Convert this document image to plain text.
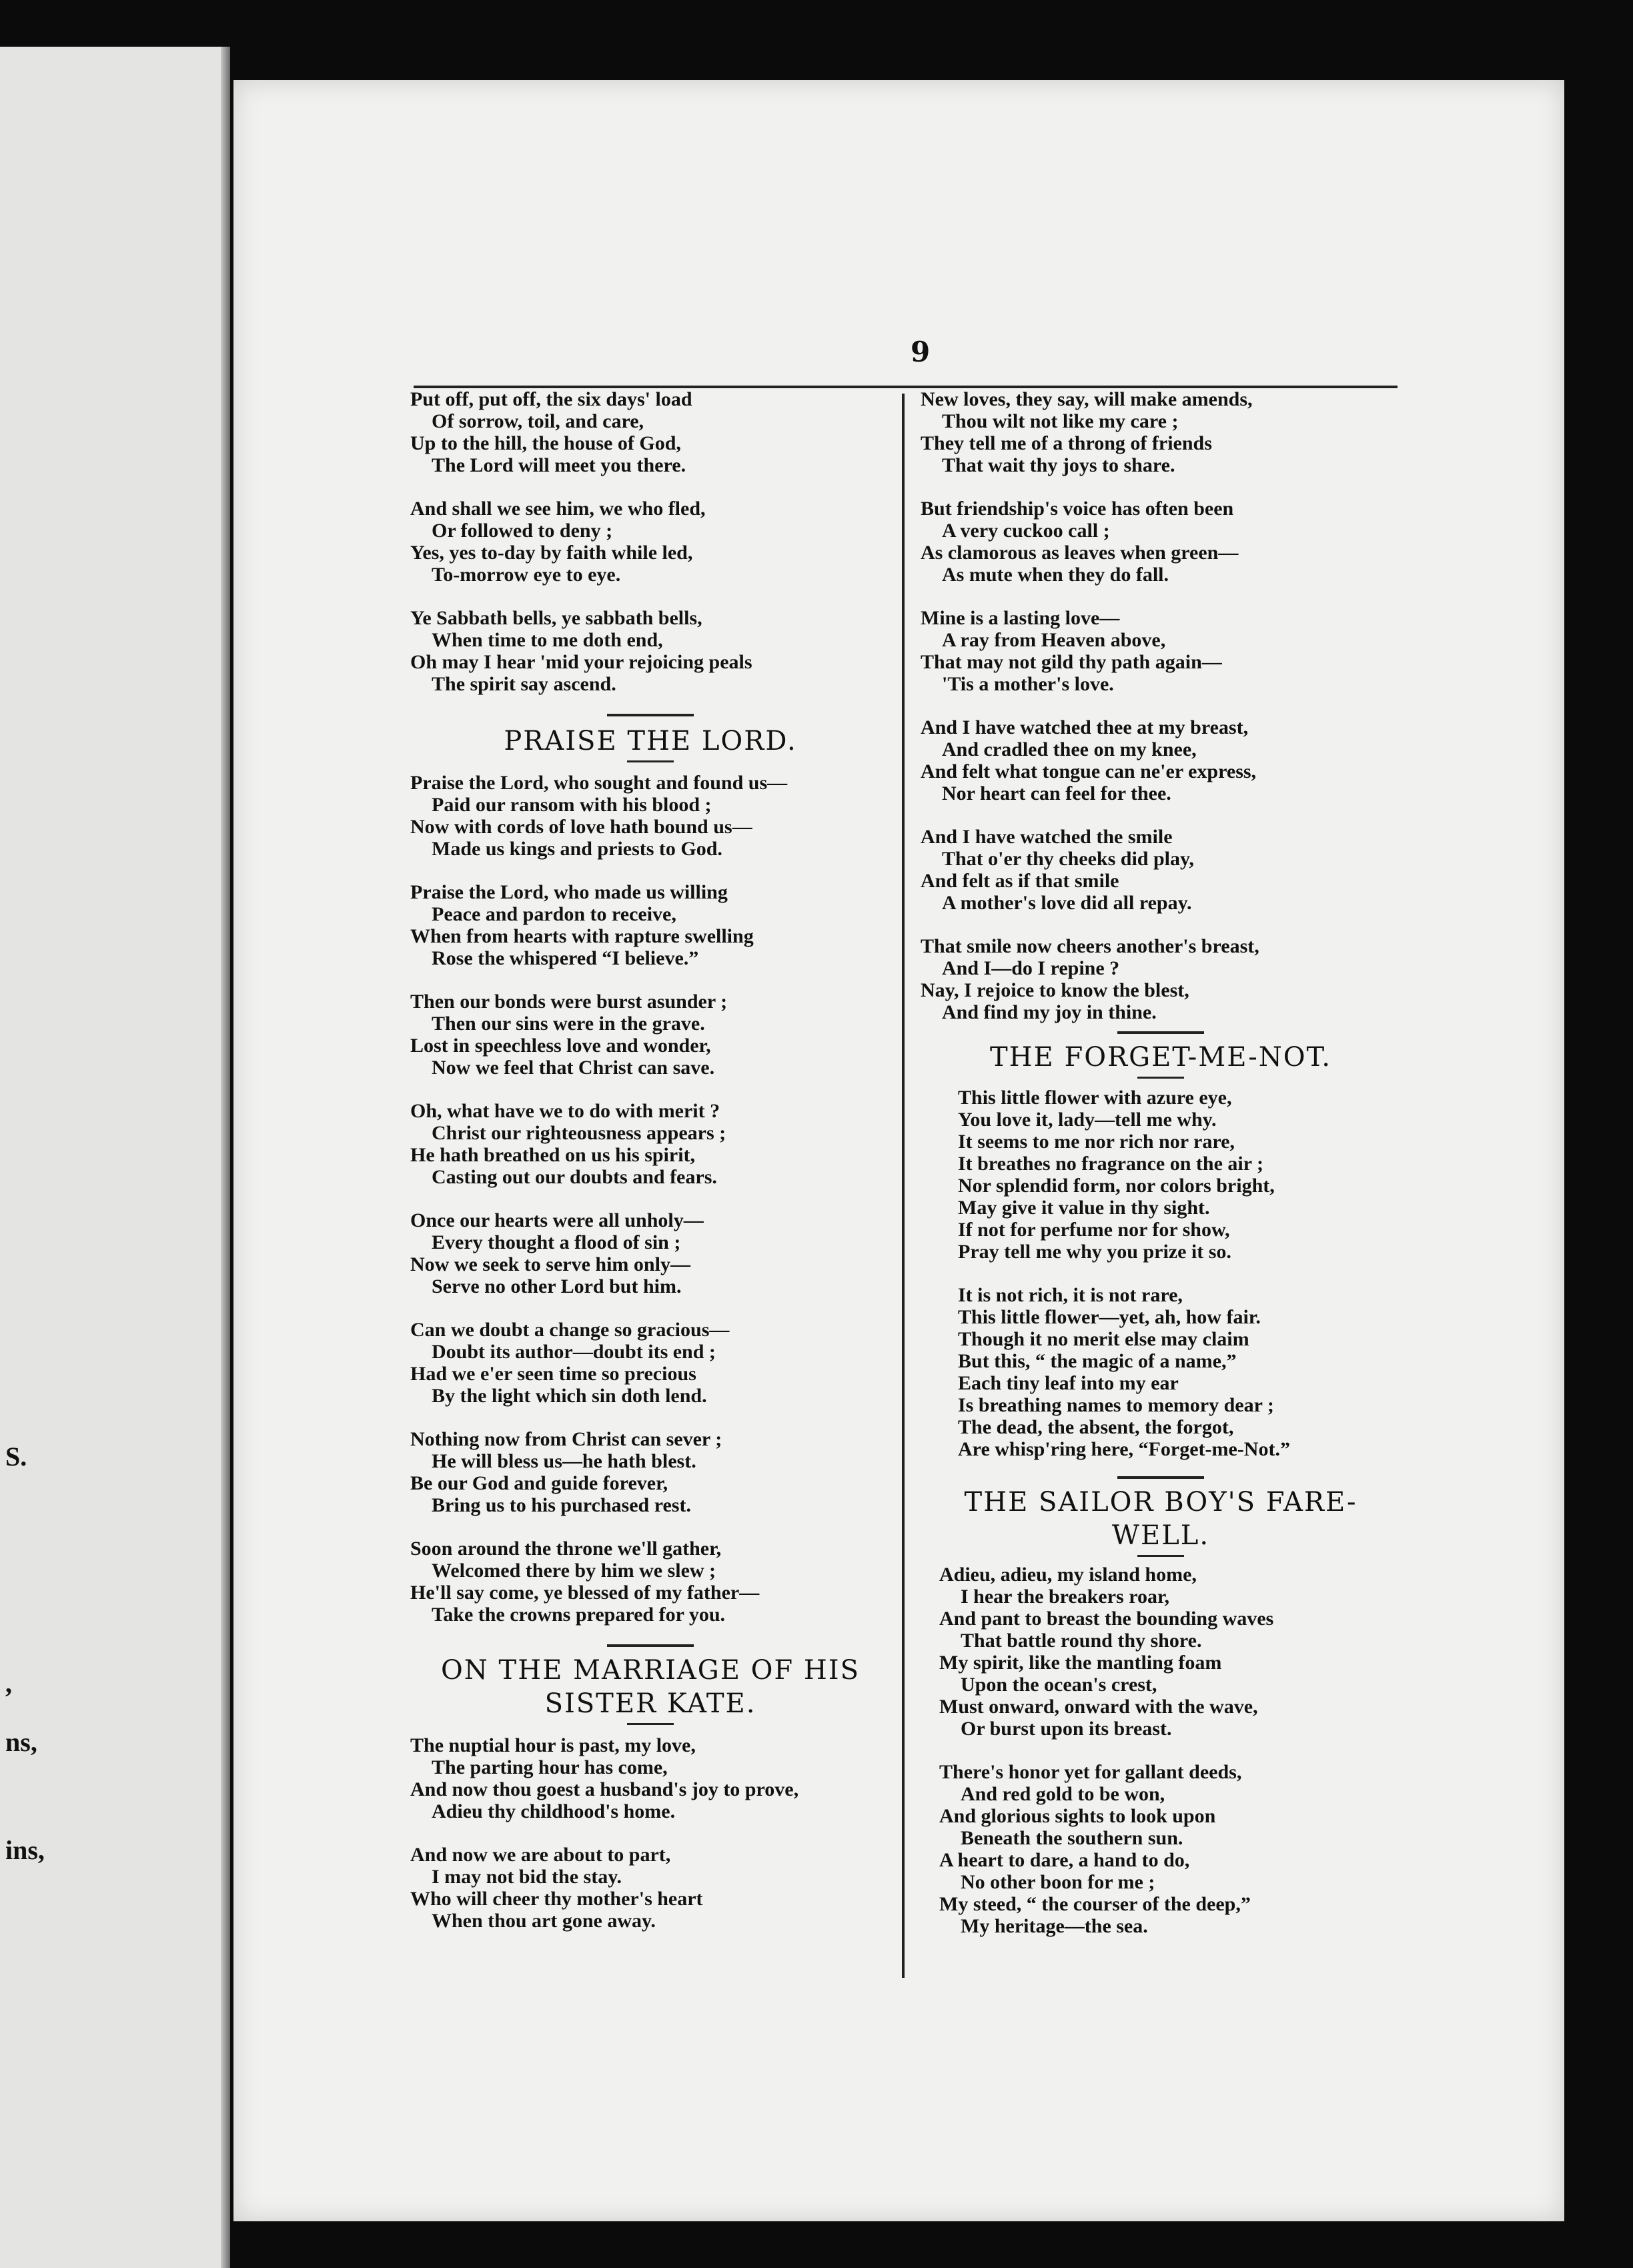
S.
,
ns,
ins,
9
Put off, put off, the six days' load
Of sorrow, toil, and care,
Up to the hill, the house of God,
The Lord will meet you there.
And shall we see him, we who fled,
Or followed to deny ;
Yes, yes to-day by faith while led,
To-morrow eye to eye.
Ye Sabbath bells, ye sabbath bells,
When time to me doth end,
Oh may I hear 'mid your rejoicing peals
The spirit say ascend.
PRAISE THE LORD.
Praise the Lord, who sought and found us—
Paid our ransom with his blood ;
Now with cords of love hath bound us—
Made us kings and priests to God.
Praise the Lord, who made us willing
Peace and pardon to receive,
When from hearts with rapture swelling
Rose the whispered “I believe.”
Then our bonds were burst asunder ;
Then our sins were in the grave.
Lost in speechless love and wonder,
Now we feel that Christ can save.
Oh, what have we to do with merit ?
Christ our righteousness appears ;
He hath breathed on us his spirit,
Casting out our doubts and fears.
Once our hearts were all unholy—
Every thought a flood of sin ;
Now we seek to serve him only—
Serve no other Lord but him.
Can we doubt a change so gracious—
Doubt its author—doubt its end ;
Had we e'er seen time so precious
By the light which sin doth lend.
Nothing now from Christ can sever ;
He will bless us—he hath blest.
Be our God and guide forever,
Bring us to his purchased rest.
Soon around the throne we'll gather,
Welcomed there by him we slew ;
He'll say come, ye blessed of my father—
Take the crowns prepared for you.
ON THE MARRIAGE OF HIS
SISTER KATE.
The nuptial hour is past, my love,
The parting hour has come,
And now thou goest a husband's joy to prove,
Adieu thy childhood's home.
And now we are about to part,
I may not bid the stay.
Who will cheer thy mother's heart
When thou art gone away.
New loves, they say, will make amends,
Thou wilt not like my care ;
They tell me of a throng of friends
That wait thy joys to share.
But friendship's voice has often been
A very cuckoo call ;
As clamorous as leaves when green—
As mute when they do fall.
Mine is a lasting love—
A ray from Heaven above,
That may not gild thy path again—
'Tis a mother's love.
And I have watched thee at my breast,
And cradled thee on my knee,
And felt what tongue can ne'er express,
Nor heart can feel for thee.
And I have watched the smile
That o'er thy cheeks did play,
And felt as if that smile
A mother's love did all repay.
That smile now cheers another's breast,
And I—do I repine ?
Nay, I rejoice to know the blest,
And find my joy in thine.
THE FORGET-ME-NOT.
This little flower with azure eye,
You love it, lady—tell me why.
It seems to me nor rich nor rare,
It breathes no fragrance on the air ;
Nor splendid form, nor colors bright,
May give it value in thy sight.
If not for perfume nor for show,
Pray tell me why you prize it so.
It is not rich, it is not rare,
This little flower—yet, ah, how fair.
Though it no merit else may claim
But this, “ the magic of a name,”
Each tiny leaf into my ear
Is breathing names to memory dear ;
The dead, the absent, the forgot,
Are whisp'ring here, “Forget-me-Not.”
THE SAILOR BOY'S FARE-
WELL.
Adieu, adieu, my island home,
I hear the breakers roar,
And pant to breast the bounding waves
That battle round thy shore.
My spirit, like the mantling foam
Upon the ocean's crest,
Must onward, onward with the wave,
Or burst upon its breast.
There's honor yet for gallant deeds,
And red gold to be won,
And glorious sights to look upon
Beneath the southern sun.
A heart to dare, a hand to do,
No other boon for me ;
My steed, “ the courser of the deep,”
My heritage—the sea.
